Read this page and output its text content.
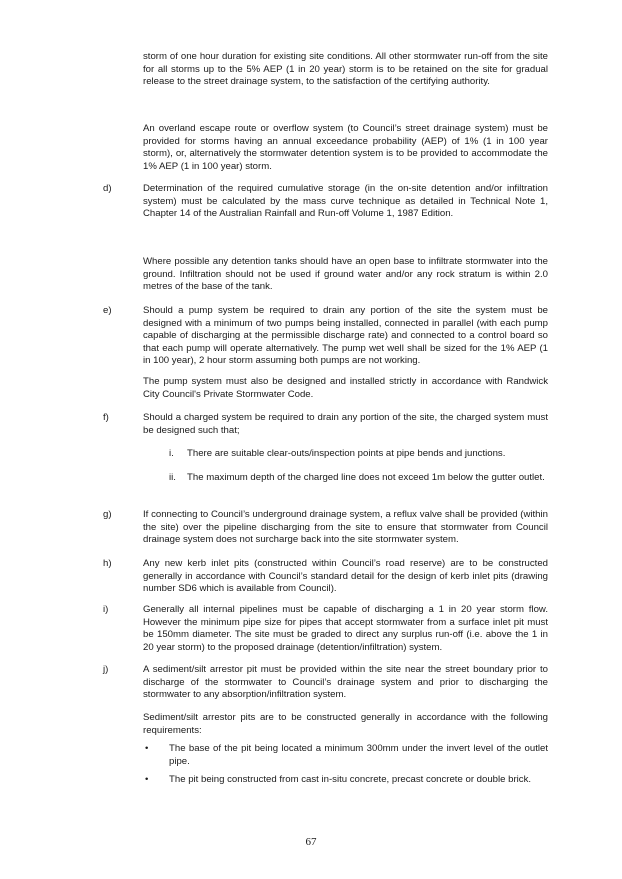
storm of one hour duration for existing site conditions. All other stormwater run-off from the site for all storms up to the 5% AEP (1 in 20 year) storm is to be retained on the site for gradual release to the street drainage system, to the satisfaction of the certifying authority.

An overland escape route or overflow system (to Council’s street drainage system) must be provided for storms having an annual exceedance probability (AEP) of 1% (1 in 100 year storm), or, alternatively the stormwater detention system is to be provided to accommodate the 1% AEP (1 in 100 year) storm.

d)	Determination of the required cumulative storage (in the on-site detention and/or infiltration system) must be calculated by the mass curve technique as detailed in Technical Note 1, Chapter 14 of the Australian Rainfall and Run-off Volume 1, 1987 Edition.

Where possible any detention tanks should have an open base to infiltrate stormwater into the ground. Infiltration should not be used if ground water and/or any rock stratum is within 2.0 metres of the base of the tank.

e)	Should a pump system be required to drain any portion of the site the system must be designed with a minimum of two pumps being installed, connected in parallel (with each pump capable of discharging at the permissible discharge rate) and connected to a control board so that each pump will operate alternatively. The pump wet well shall be sized for the 1% AEP (1 in 100 year), 2 hour storm assuming both pumps are not working.

The pump system must also be designed and installed strictly in accordance with Randwick City Council's Private Stormwater Code.

f)	Should a charged system be required to drain any portion of the site, the charged system must be designed such that;

i.	There are suitable clear-outs/inspection points at pipe bends and junctions.

ii.	The maximum depth of the charged line does not exceed 1m below the gutter outlet.

g)	If connecting to Council’s underground drainage system, a reflux valve shall be provided (within the site) over the pipeline discharging from the site to ensure that stormwater from Council drainage system does not surcharge back into the site stormwater system.

h)	Any new kerb inlet pits (constructed within Council’s road reserve) are to be constructed generally in accordance with Council’s standard detail for the design of kerb inlet pits (drawing number SD6 which is available from Council).

i)	Generally all internal pipelines must be capable of discharging a 1 in 20 year storm flow. However the minimum pipe size for pipes that accept stormwater from a surface inlet pit must be 150mm diameter. The site must be graded to direct any surplus run-off (i.e. above the 1 in 20 year storm) to the proposed drainage (detention/infiltration) system.

j)	A sediment/silt arrestor pit must be provided within the site near the street boundary prior to discharge of the stormwater to Council’s drainage system and prior to discharging the stormwater to any absorption/infiltration system.

Sediment/silt arrestor pits are to be constructed generally in accordance with the following requirements:

•	The base of the pit being located a minimum 300mm under the invert level of the outlet pipe.

•	The pit being constructed from cast in-situ concrete, precast concrete or double brick.

67
